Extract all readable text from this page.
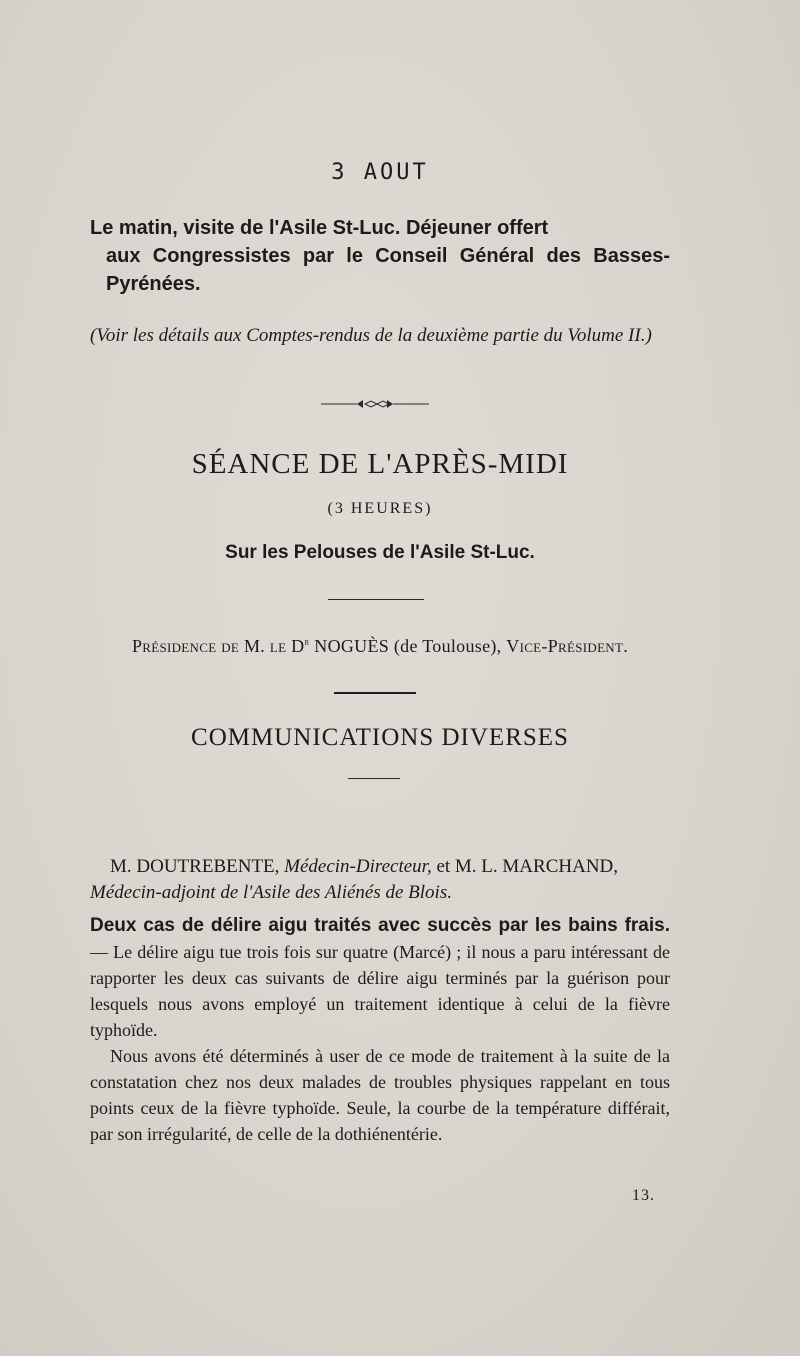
3 AOUT
Le matin, visite de l'Asile St-Luc. Déjeuner offert
aux Congressistes par le Conseil Général des Basses-Pyrénées.
(Voir les détails aux Comptes-rendus de la deuxième partie du Volume II.)
SÉANCE DE L'APRÈS-MIDI
(3 HEURES)
Sur les Pelouses de l'Asile St-Luc.
Présidence de M. le $D^r$ NOGUÈS (de Toulouse), Vice-Président.
COMMUNICATIONS DIVERSES
M. DOUTREBENTE, Médecin-Directeur, et M. L. MARCHAND,
Médecin-adjoint de l'Asile des Aliénés de Blois.

Deux cas de délire aigu traités avec succès par les bains frais. — Le délire aigu tue trois fois sur quatre (Marcé) ; il nous a paru intéressant de rapporter les deux cas suivants de délire aigu terminés par la guérison pour lesquels nous avons employé un traitement identique à celui de la fièvre typhoïde.

Nous avons été déterminés à user de ce mode de traitement à la suite de la constatation chez nos deux malades de troubles physiques rappelant en tous points ceux de la fièvre typhoïde. Seule, la courbe de la température différait, par son irrégularité, de celle de la dothiénentérie.

13.
